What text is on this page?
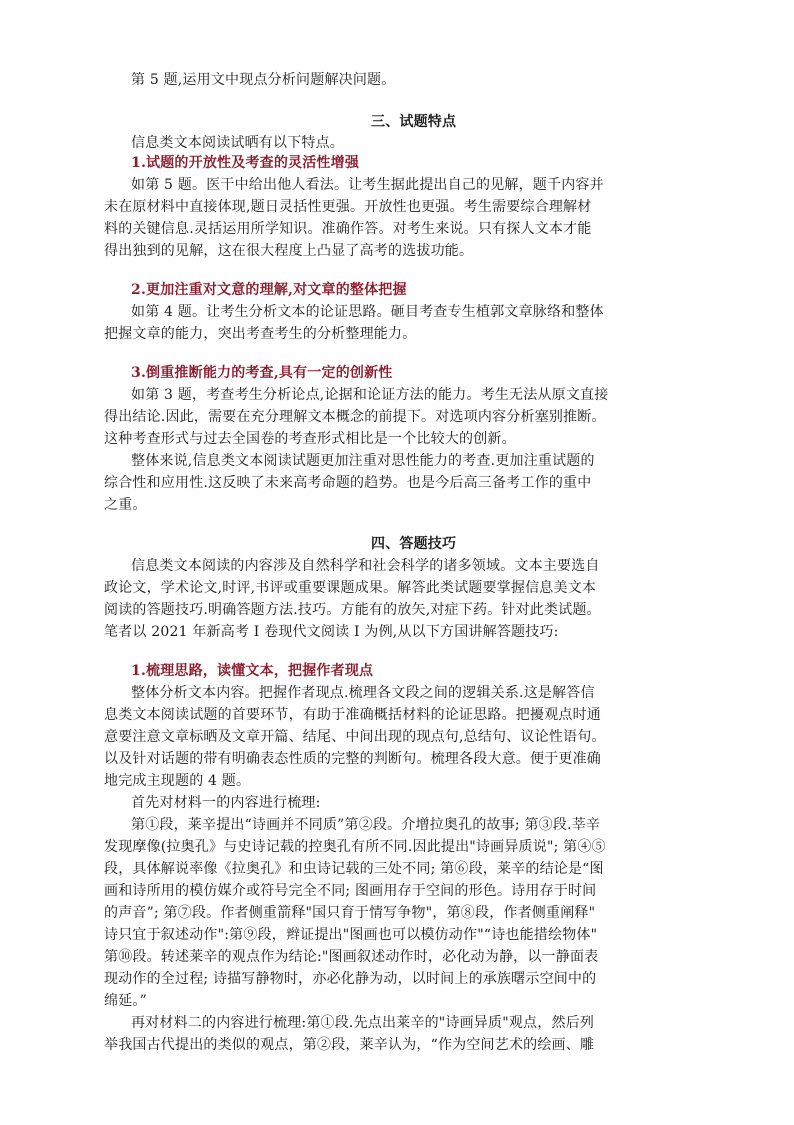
第 5 题,运用文中现点分析问题解决问题。
三、试题特点
信息类文本阅读试晒有以下特点。
1.试题的开放性及考查的灵活性增强
如第 5 题。医干中给出他人看法。让考生据此提出自己的见解，题千内容并
未在原材料中直接体现,题日灵括性更强。开放性也更强。考生需要综合理解材
料的关键信息.灵括运用所学知识。准确作答。对考生来说。只有探人文本才能
得出独到的见解，这在很大程度上凸显了高考的选拔功能。
2.更加注重对文意的理解,对文章的整体把握
如第 4 题。让考生分析文本的论证思路。砸目考查专生植郭文章脉络和整体
把握文章的能力，突出考查考生的分析整理能力。
3.倒重推断能力的考查,具有一定的创新性
如第 3 题，考查考生分析论点,论据和论证方法的能力。考生无法从原文直接
得出结论.因此，需要在充分理解文本概念的前提下。对选项内容分析塞别推断。
这种考查形式与过去全国卷的考查形式相比是一个比较大的创新。
整体来说,信息类文本阅读试题更加注重对思性能力的考查.更加注重试题的
综合性和应用性.这反映了未来高考命题的趋势。也是今后高三备考工作的重中
之重。
四、答题技巧
信息类文本阅读的内容涉及自然科学和社会科学的诸多领域。文本主要选自
政论文，学术论文,时评,书评或重要课题成果。解答此类试题要掌握信息美文本
阅读的答题技巧.明确答题方法.技巧。方能有的放矢,对症下药。针对此类试题。
笔者以 2021 年新高考 I 卷现代文阅读 I 为例,从以下方国讲解答题技巧:
1.梳理思路，读懂文本，把握作者现点
整体分析文本内容。把握作者现点.梳理各文段之间的逻辑关系.这是解答信
息类文本阅读试题的首要环节，有助于准确概括材料的论证思路。把擾观点时通
意要注意文章标晒及文章开篇、结尾、中间出现的现点句,总结句、议论性语句。
以及针对话题的带有明确表态性质的完整的判断句。梳理各段大意。便于更准确
地完成主现题的 4 题。
首先对材料一的内容进行梳理:
第①段，莱辛提出“诗画并不同质”第②段。介增拉奥孔的故事; 第③段.莘辛
发现摩像(拉奥孔》与史诗记载的控奥孔有所不同.因此提出"诗画异质说"; 第④⑤
段，具体解说率像《拉奥孔》和虫诗记载的三处不同; 第⑥段，莱辛的结论是“图
画和诗所用的模仿媒介或符号完全不同; 图画用存于空间的形色。诗用存于时间
的声音”; 第⑦段。作者侧重箭释"国只育于情写争物"，第⑧段，作者侧重阐释"
诗只宜于叙述动作":第⑨段，辫证提出"图画也可以模仿动作"“诗也能措绘物体"
第⑩段。转述莱辛的观点作为结论:"图画叙述动作时，必化动为静，以一静面表
现动作的全过程; 诗描写静物时，亦必化静为动，以时间上的承族曙示空间中的
绵延。”
再对材料二的内容进行梳理:第①段.先点出莱辛的"诗画异质"观点，然后列
举我国古代提出的类似的观点，第②段，莱辛认为，“作为空间艺术的绘画、雕
